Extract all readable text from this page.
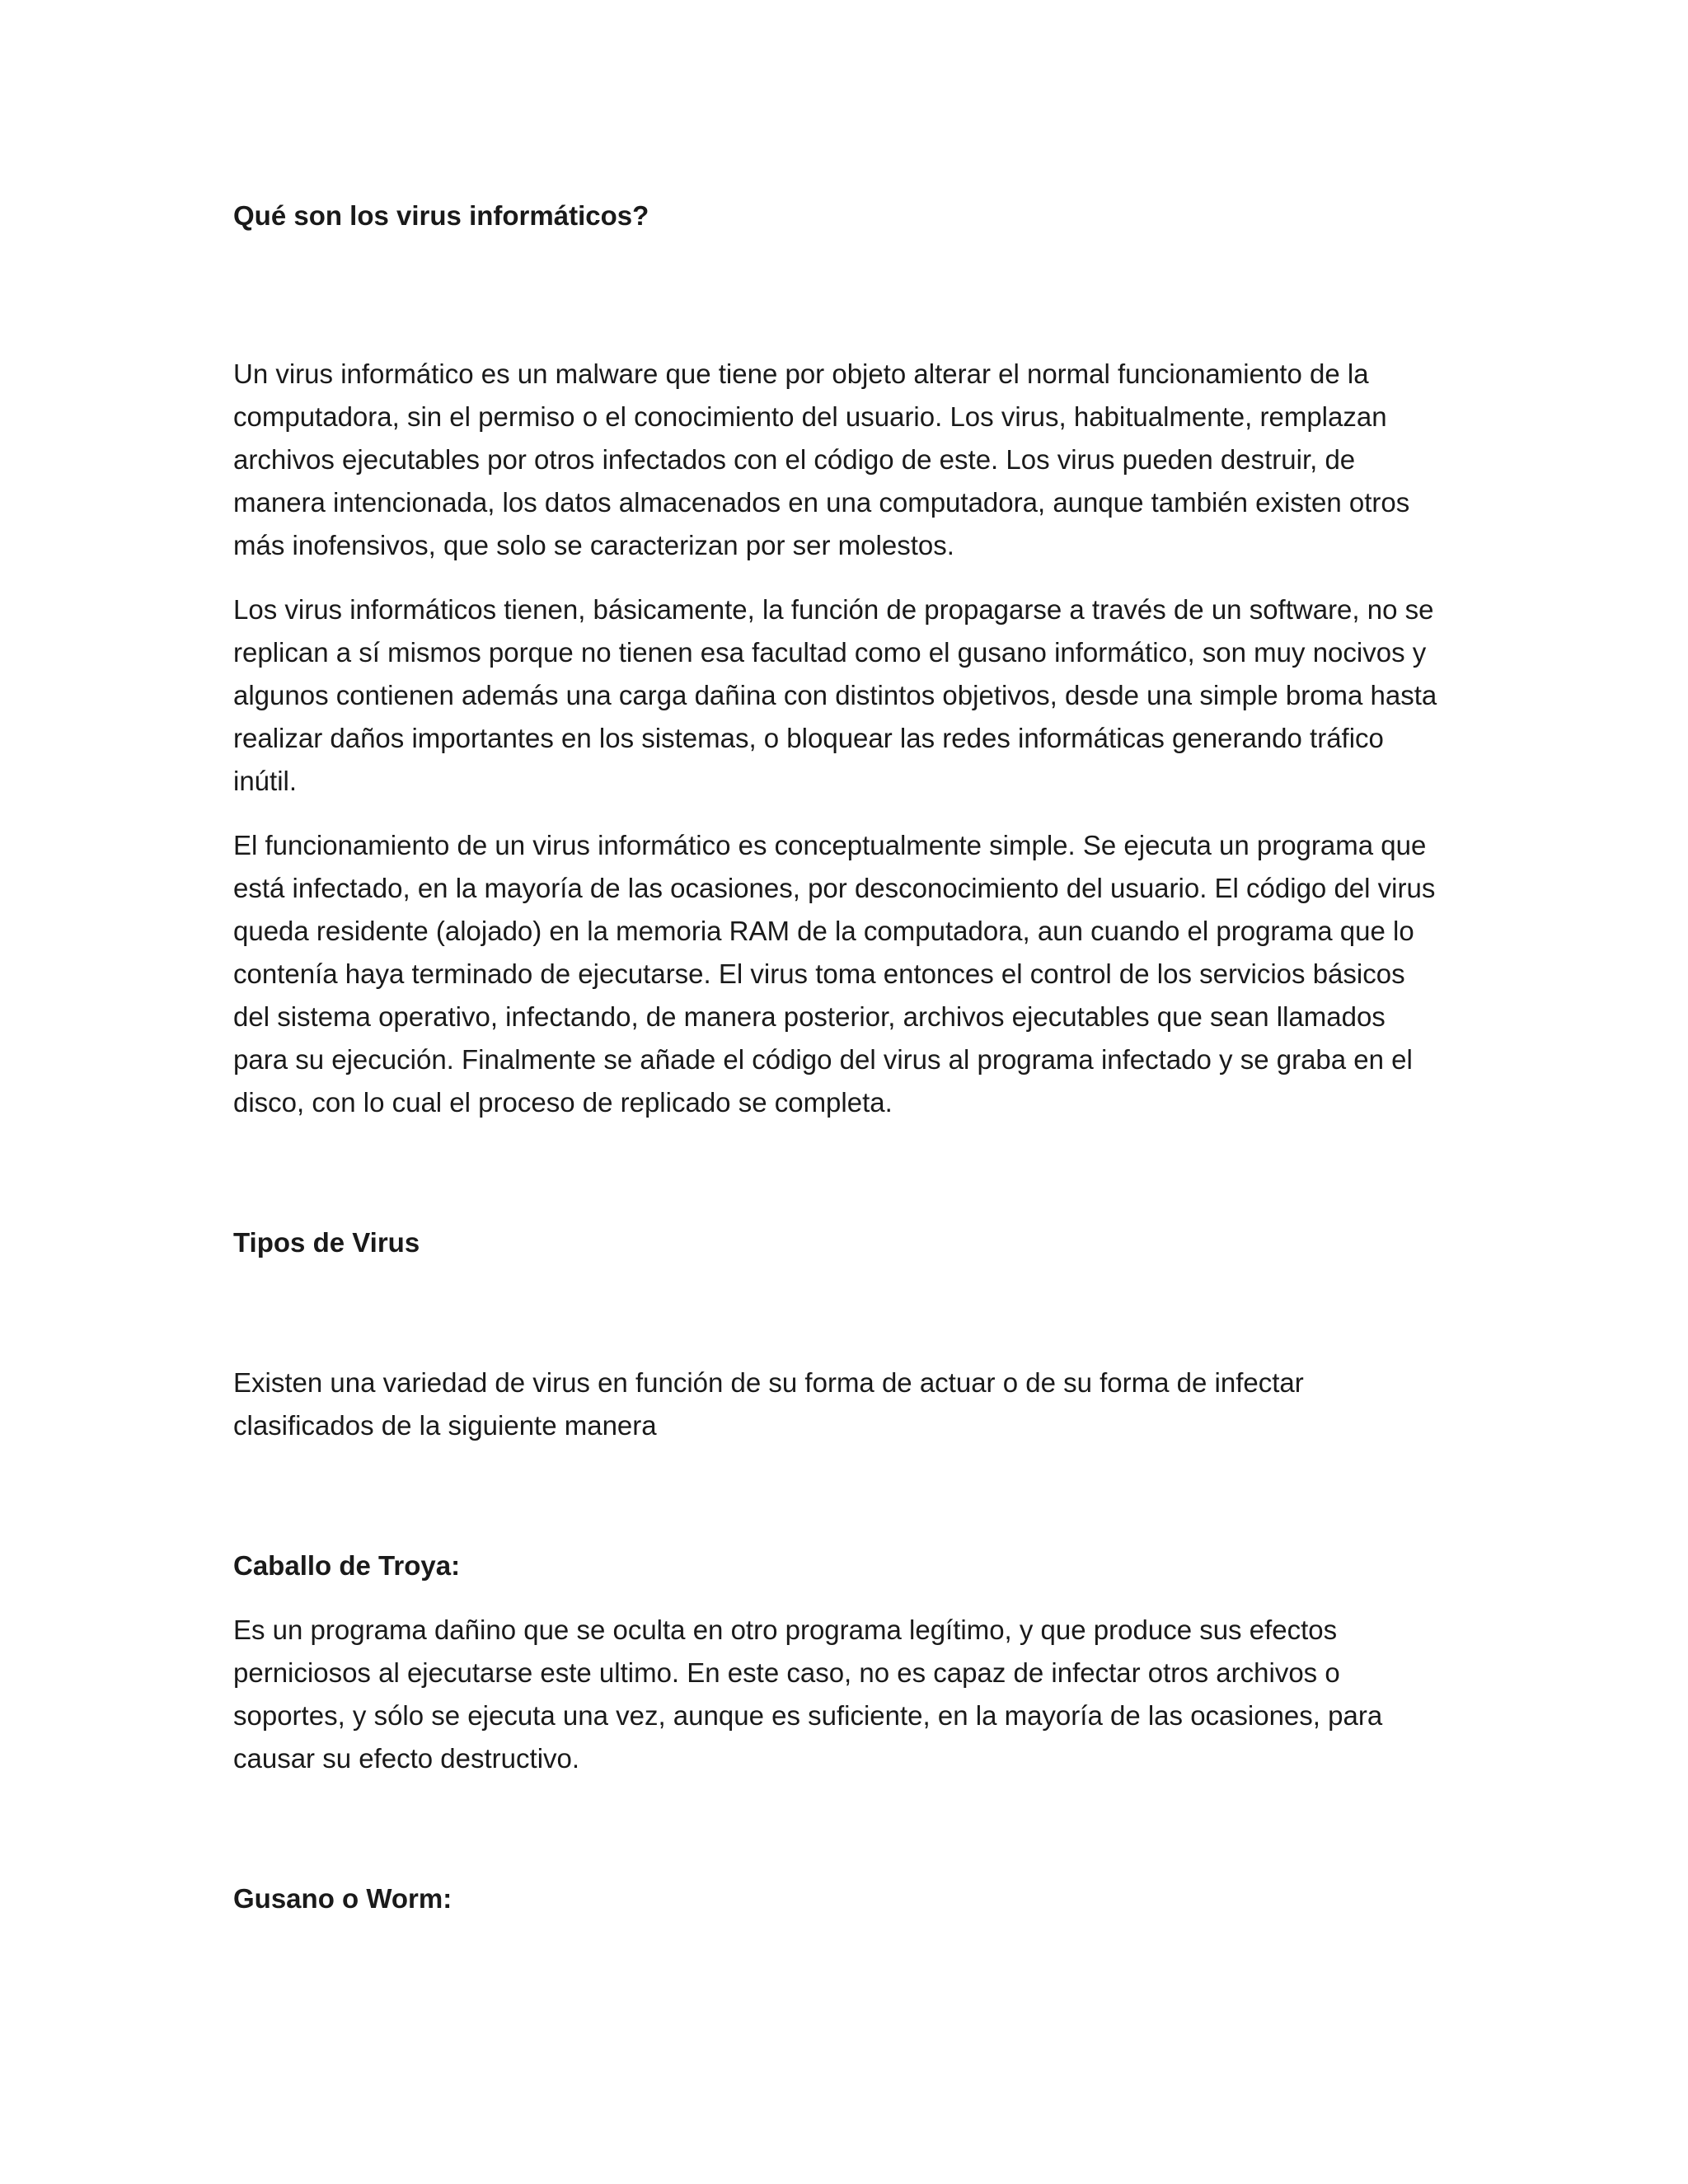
Qué son los virus informáticos?

Un virus informático es un malware que tiene por objeto alterar el normal funcionamiento de la computadora, sin el permiso o el conocimiento del usuario. Los virus, habitualmente, remplazan archivos ejecutables por otros infectados con el código de este. Los virus pueden destruir, de manera intencionada, los datos almacenados en una computadora, aunque también existen otros más inofensivos, que solo se caracterizan por ser molestos.

Los virus informáticos tienen, básicamente, la función de propagarse a través de un software, no se replican a sí mismos porque no tienen esa facultad como el gusano informático, son muy nocivos y algunos contienen además una carga dañina con distintos objetivos, desde una simple broma hasta realizar daños importantes en los sistemas, o bloquear las redes informáticas generando tráfico inútil.

El funcionamiento de un virus informático es conceptualmente simple. Se ejecuta un programa que está infectado, en la mayoría de las ocasiones, por desconocimiento del usuario. El código del virus queda residente (alojado) en la memoria RAM de la computadora, aun cuando el programa que lo contenía haya terminado de ejecutarse. El virus toma entonces el control de los servicios básicos del sistema operativo, infectando, de manera posterior, archivos ejecutables que sean llamados para su ejecución. Finalmente se añade el código del virus al programa infectado y se graba en el disco, con lo cual el proceso de replicado se completa.

Tipos de Virus

Existen una variedad de virus en función de su forma de actuar o de su forma de infectar clasificados de la siguiente manera

Caballo de Troya:

Es un programa dañino que se oculta en otro programa legítimo, y que produce sus efectos perniciosos al ejecutarse este ultimo. En este caso, no es capaz de infectar otros archivos o soportes, y sólo se ejecuta una vez, aunque es suficiente, en la mayoría de las ocasiones, para causar su efecto destructivo.

Gusano o Worm:
